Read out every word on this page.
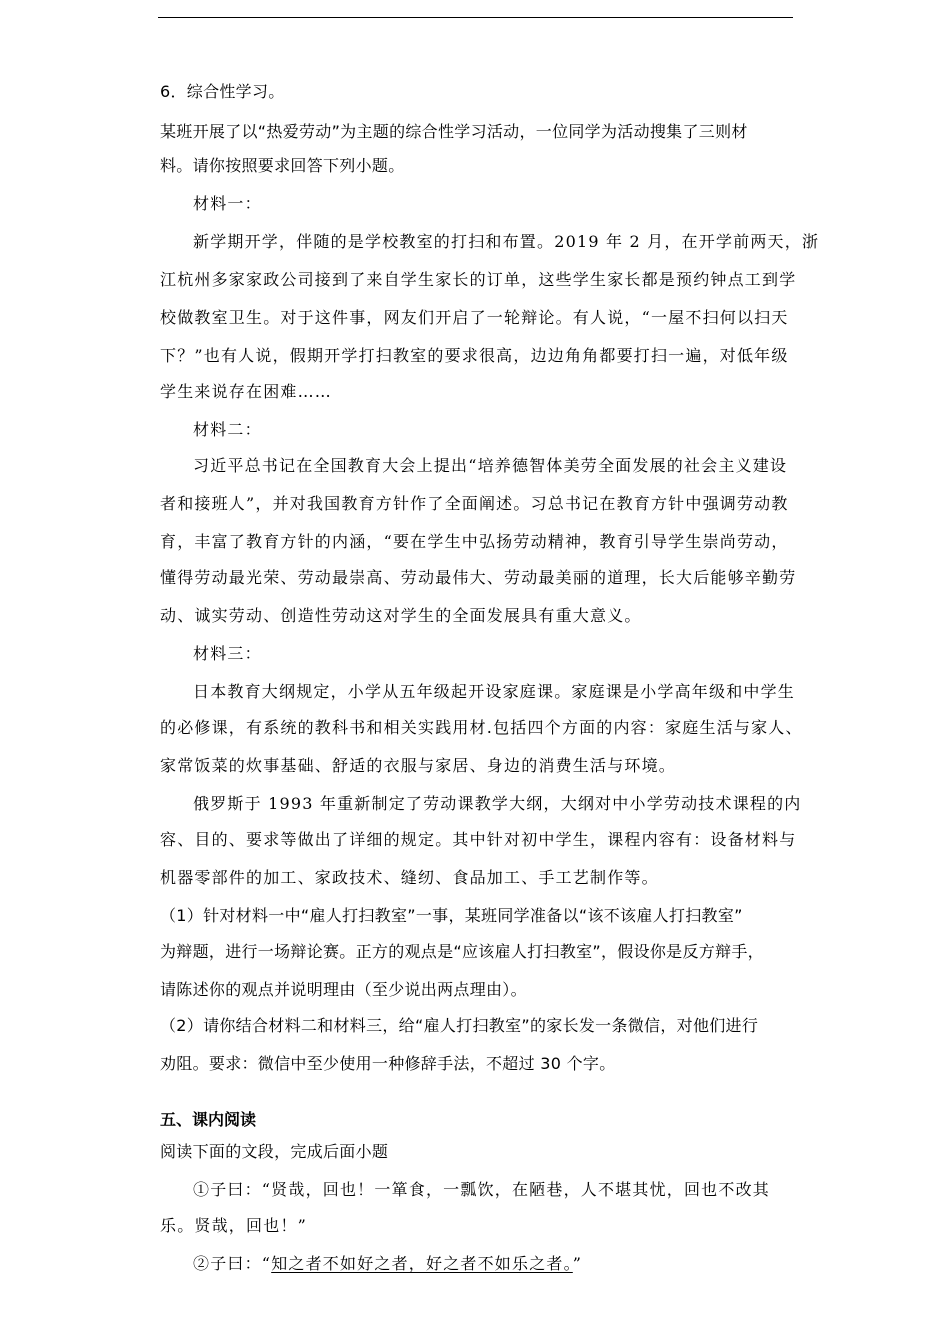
6．综合性学习。
某班开展了以“热爱劳动”为主题的综合性学习活动，一位同学为活动搜集了三则材
料。请你按照要求回答下列小题。
材料一：
新学期开学，伴随的是学校教室的打扫和布置。2019 年 2 月，在开学前两天，浙
江杭州多家家政公司接到了来自学生家长的订单，这些学生家长都是预约钟点工到学
校做教室卫生。对于这件事，网友们开启了一轮辩论。有人说，“一屋不扫何以扫天
下？”也有人说，假期开学打扫教室的要求很高，边边角角都要打扫一遍，对低年级
学生来说存在困难……
材料二：
习近平总书记在全国教育大会上提出“培养德智体美劳全面发展的社会主义建设
者和接班人”，并对我国教育方针作了全面阐述。习总书记在教育方针中强调劳动教
育，丰富了教育方针的内涵，“要在学生中弘扬劳动精神，教育引导学生崇尚劳动，
懂得劳动最光荣、劳动最崇高、劳动最伟大、劳动最美丽的道理，长大后能够辛勤劳
动、诚实劳动、创造性劳动这对学生的全面发展具有重大意义。
材料三：
日本教育大纲规定，小学从五年级起开设家庭课。家庭课是小学高年级和中学生
的必修课，有系统的教科书和相关实践用材.包括四个方面的内容：家庭生活与家人、
家常饭菜的炊事基础、舒适的衣服与家居、身边的消费生活与环境。
俄罗斯于 1993 年重新制定了劳动课教学大纲，大纲对中小学劳动技术课程的内
容、目的、要求等做出了详细的规定。其中针对初中学生，课程内容有：设备材料与
机器零部件的加工、家政技术、缝纫、食品加工、手工艺制作等。
（1）针对材料一中“雇人打扫教室”一事，某班同学准备以“该不该雇人打扫教室”
为辩题，进行一场辩论赛。正方的观点是“应该雇人打扫教室”，假设你是反方辩手，
请陈述你的观点并说明理由（至少说出两点理由）。
（2）请你结合材料二和材料三，给“雇人打扫教室”的家长发一条微信，对他们进行
劝阻。要求：微信中至少使用一种修辞手法，不超过 30 个字。
五、课内阅读
阅读下面的文段，完成后面小题
①子曰：“贤哉，回也！一箪食，一瓢饮，在陋巷，人不堪其忧，回也不改其
乐。贤哉，回也！”
②子曰：“知之者不如好之者，好之者不如乐之者。”
